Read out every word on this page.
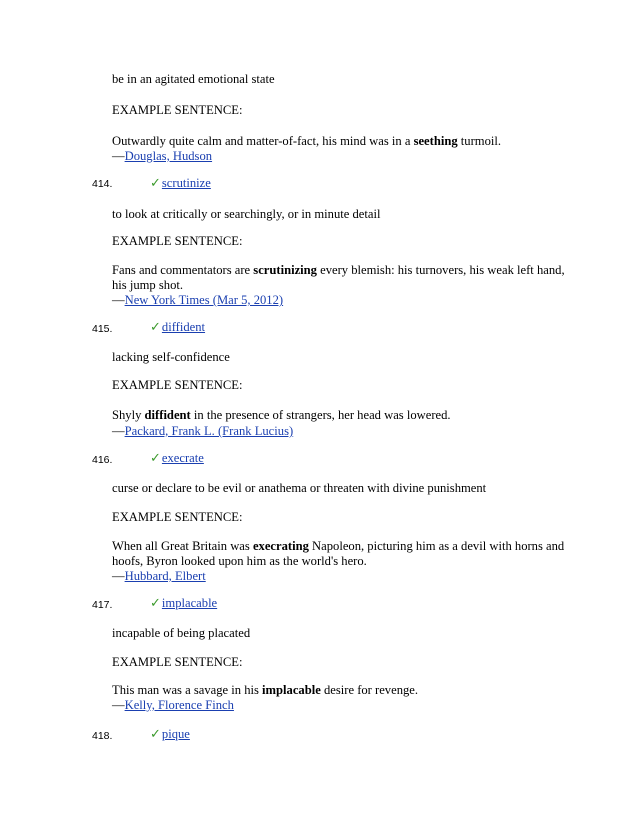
be in an agitated emotional state
EXAMPLE SENTENCE:
Outwardly quite calm and matter-of-fact, his mind was in a seething turmoil.
—Douglas, Hudson
414.	✓scrutinize
to look at critically or searchingly, or in minute detail
EXAMPLE SENTENCE:
Fans and commentators are scrutinizing every blemish: his turnovers, his weak left hand, his jump shot.
—New York Times (Mar 5, 2012)
415.	✓diffident
lacking self-confidence
EXAMPLE SENTENCE:
Shyly diffident in the presence of strangers, her head was lowered.
—Packard, Frank L. (Frank Lucius)
416.	✓execrate
curse or declare to be evil or anathema or threaten with divine punishment
EXAMPLE SENTENCE:
When all Great Britain was execrating Napoleon, picturing him as a devil with horns and hoofs, Byron looked upon him as the world's hero.
—Hubbard, Elbert
417.	✓implacable
incapable of being placated
EXAMPLE SENTENCE:
This man was a savage in his implacable desire for revenge.
—Kelly, Florence Finch
418.	✓pique
